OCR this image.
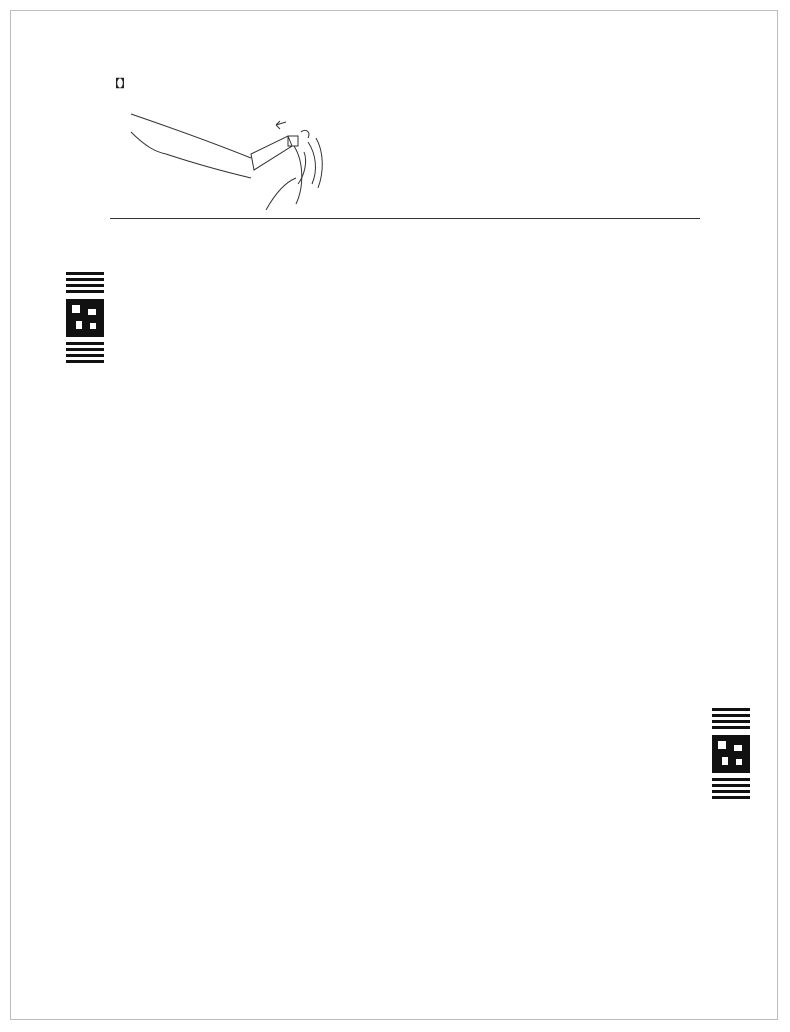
【 】
